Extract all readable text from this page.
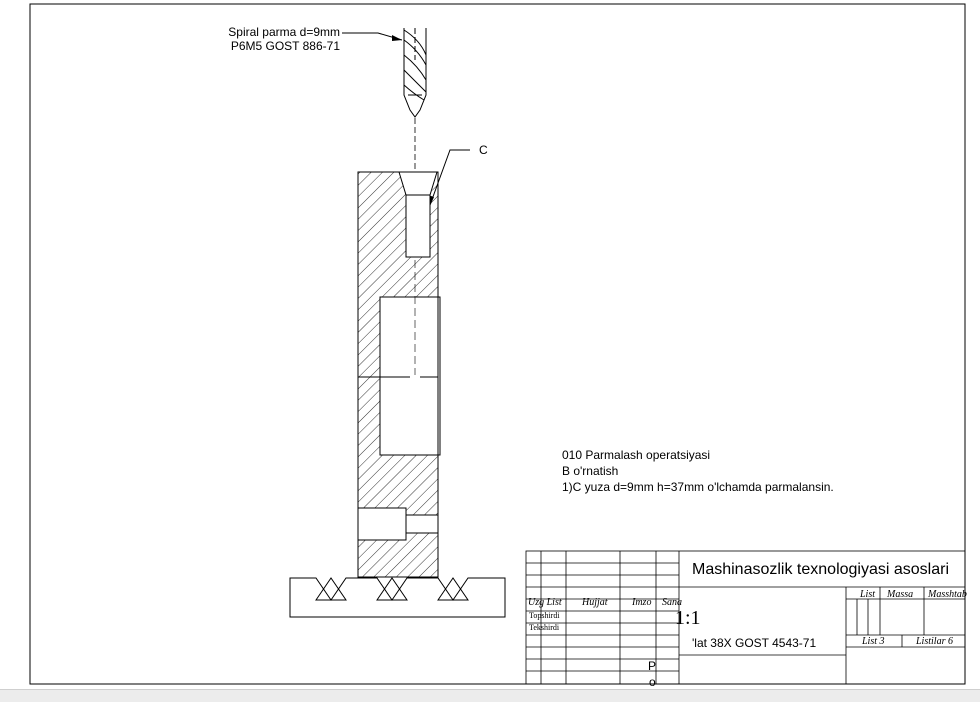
Spiral parma d=9mm
P6M5 GOST 886-71
C
010 Parmalash operatsiyasi
B o'rnatish
1)C yuza d=9mm h=37mm o'lchamda parmalansin.
Mashinasozlik texnologiyasi asoslari
1:1
'lat 38X GOST 4543-71
List Massa Masshtab
List 3	Listilar 6
Uzg List Hujjat Imzo Sana
Topshirdi
Tekshirdi
P
o
